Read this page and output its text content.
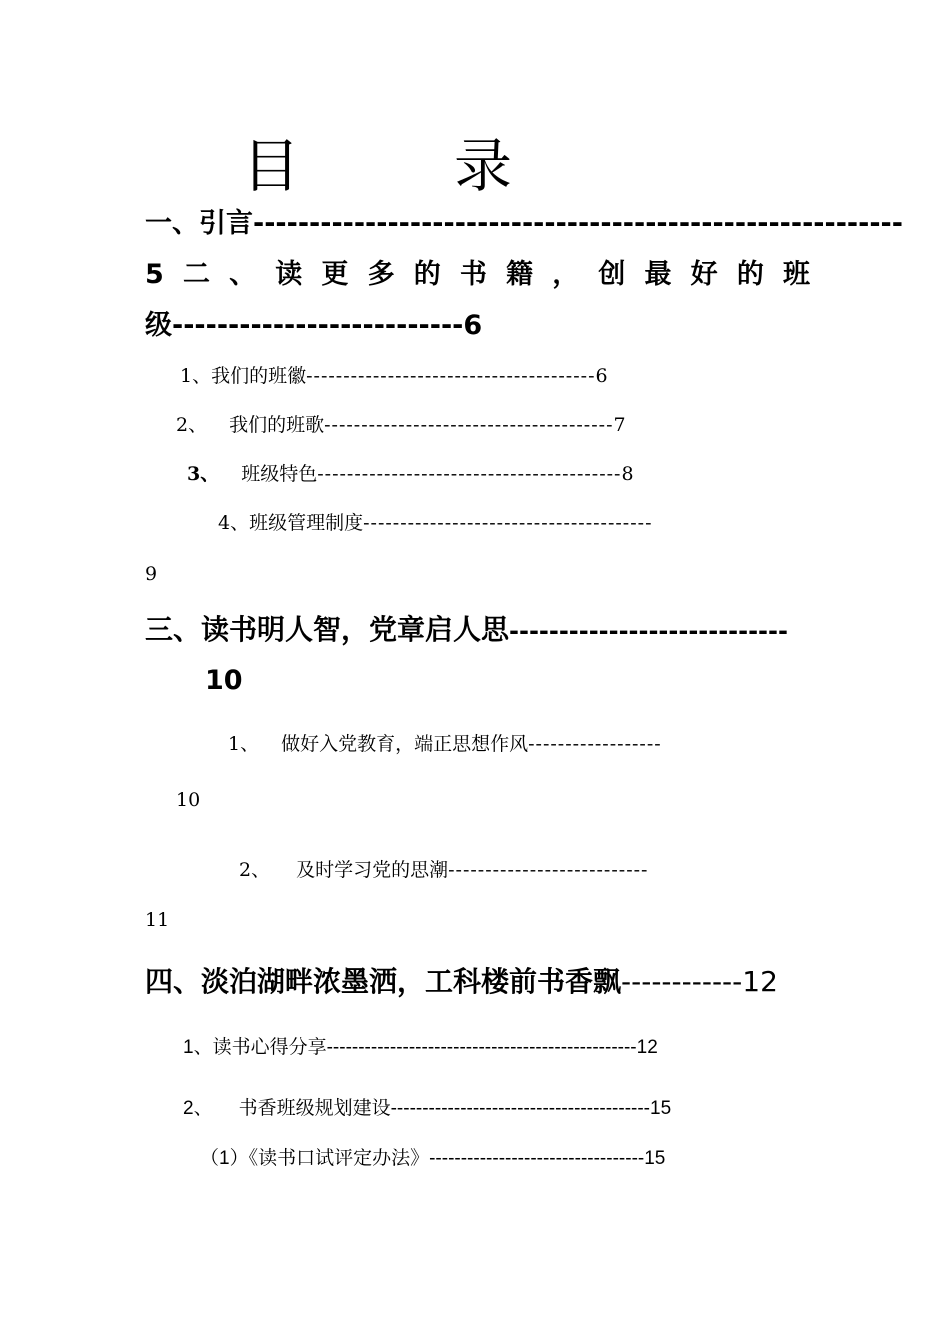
目　录
一、引言----------------------------------------------------------
5 二 、 读 更 多 的 书 籍 ， 创 最 好 的 班
级--------------------------6
1、我们的班徽---------------------------------------6
2、 我们的班歌---------------------------------------7
3、 班级特色-----------------------------------------8
4、班级管理制度---------------------------------------
9
三、读书明人智，党章启人思----------------------------
10
1、 做好入党教育，端正思想作风------------------
10
2、 及时学习党的思潮---------------------------
11
四、淡泊湖畔浓墨洒，工科楼前书香飘------------12
1、读书心得分享-------------------------------------------------12
2、 书香班级规划建设-----------------------------------------15
（1）《读书口试评定办法》----------------------------------15
